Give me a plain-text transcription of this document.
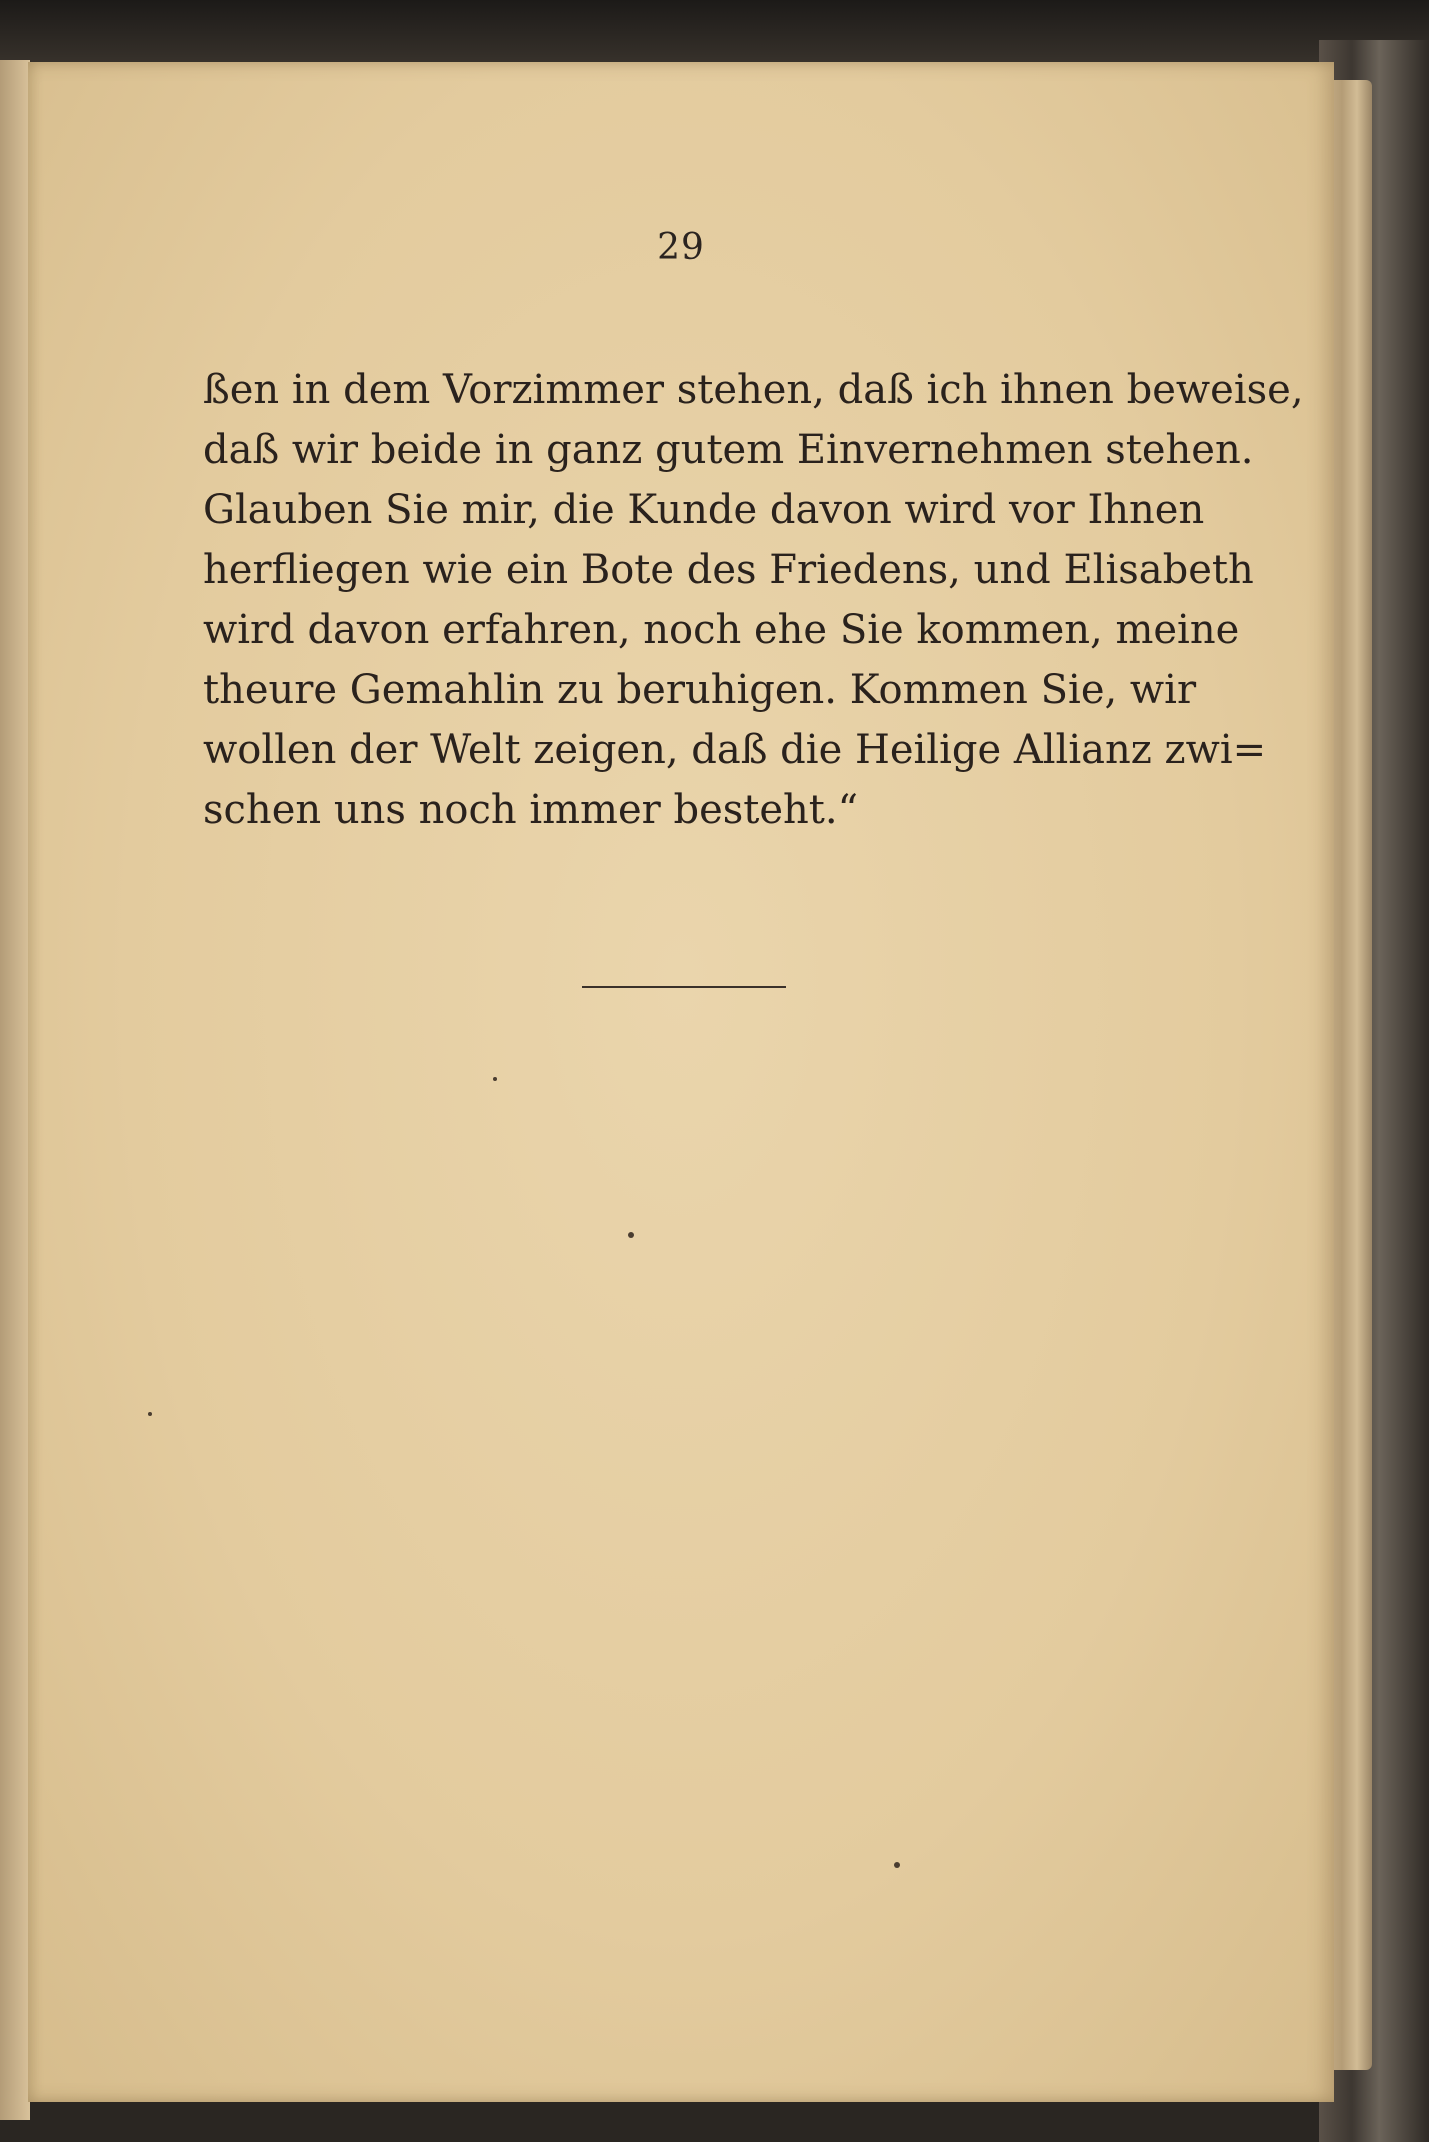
29
ßen in dem Vorzimmer stehen, daß ich ihnen beweise,
daß wir beide in ganz gutem Einvernehmen stehen.
Glauben Sie mir, die Kunde davon wird vor Ihnen
herfliegen wie ein Bote des Friedens, und Elisabeth
wird davon erfahren, noch ehe Sie kommen, meine
theure Gemahlin zu beruhigen. Kommen Sie, wir
wollen der Welt zeigen, daß die Heilige Allianz zwi=
schen uns noch immer besteht.“
